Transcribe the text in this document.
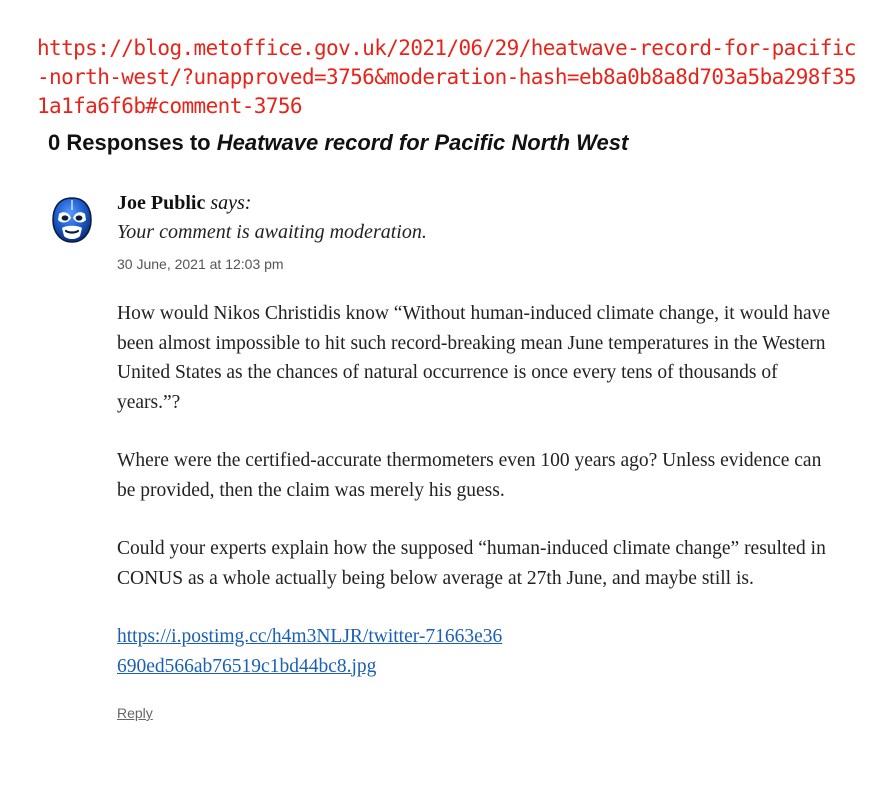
https://blog.metoffice.gov.uk/2021/06/29/heatwave-record-for-pacific-north-west/?unapproved=3756&moderation-hash=eb8a0b8a8d703a5ba298f351a1fa6f6b#comment-3756
0 Responses to Heatwave record for Pacific North West
Joe Public says:
Your comment is awaiting moderation.
30 June, 2021 at 12:03 pm

How would Nikos Christidis know “Without human-induced climate change, it would have been almost impossible to hit such record-breaking mean June temperatures in the Western United States as the chances of natural occurrence is once every tens of thousands of years.”?

Where were the certified-accurate thermometers even 100 years ago? Unless evidence can be provided, then the claim was merely his guess.

Could your experts explain how the supposed “human-induced climate change” resulted in CONUS as a whole actually being below average at 27th June, and maybe still is.

https://i.postimg.cc/h4m3NLJR/twitter-71663e36690ed566ab76519c1bd44bc8.jpg
Reply
